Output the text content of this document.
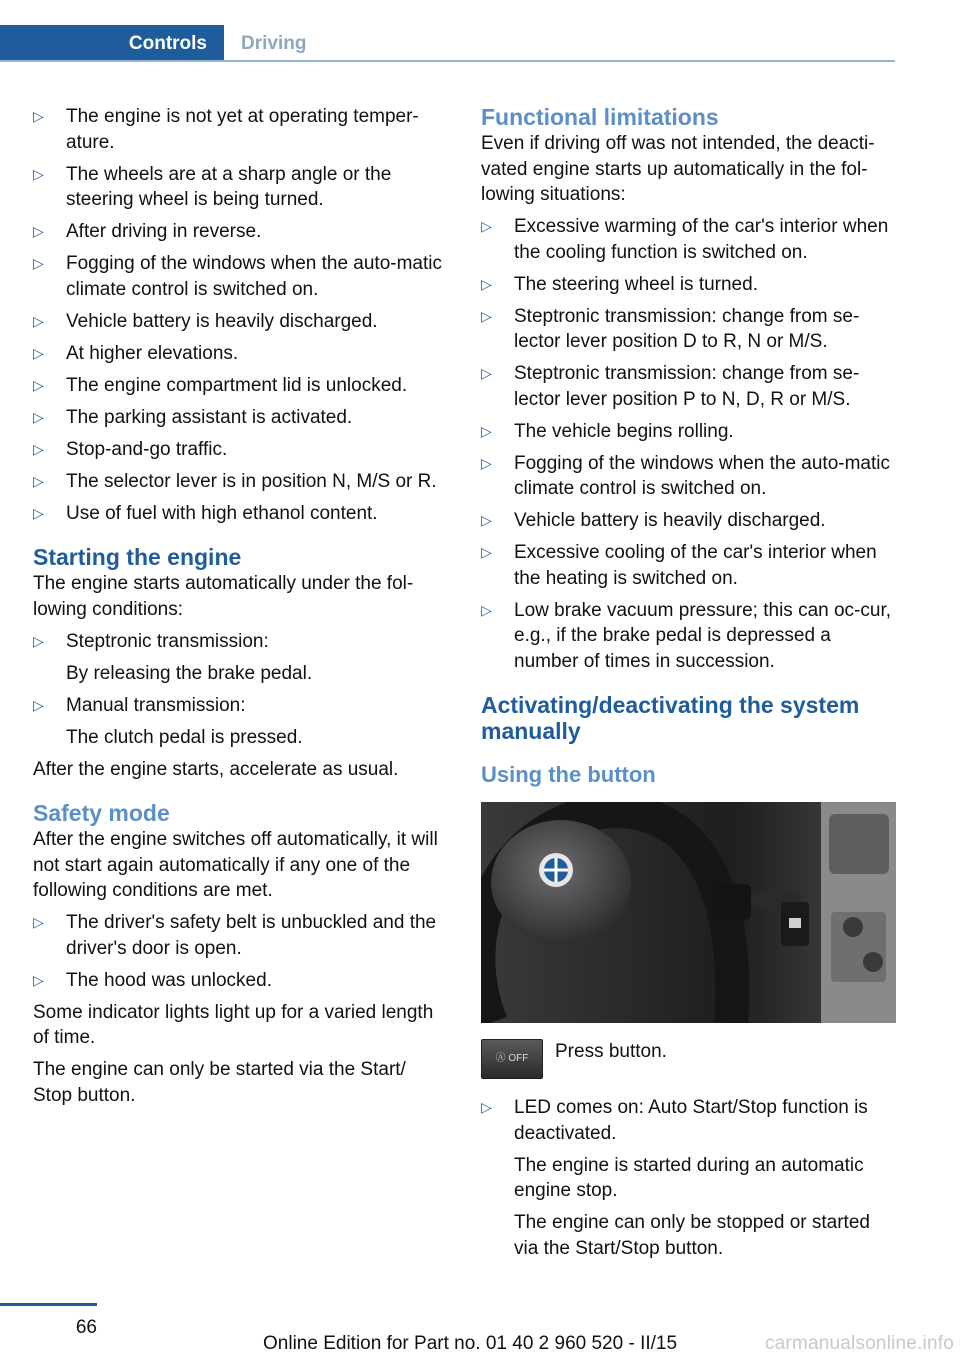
Controls	Driving
▷ The engine is not yet at operating temper‐ature.
▷ The wheels are at a sharp angle or the steering wheel is being turned.
▷ After driving in reverse.
▷ Fogging of the windows when the auto‐matic climate control is switched on.
▷ Vehicle battery is heavily discharged.
▷ At higher elevations.
▷ The engine compartment lid is unlocked.
▷ The parking assistant is activated.
▷ Stop-and-go traffic.
▷ The selector lever is in position N, M/S or R.
▷ Use of fuel with high ethanol content.
Starting the engine

The engine starts automatically under the fol‐lowing conditions:

▷ Steptronic transmission:
By releasing the brake pedal.
▷ Manual transmission:
The clutch pedal is pressed.

After the engine starts, accelerate as usual.

Safety mode

After the engine switches off automatically, it will not start again automatically if any one of the following conditions are met.

▷ The driver's safety belt is unbuckled and the driver's door is open.
▷ The hood was unlocked.

Some indicator lights light up for a varied length of time.

The engine can only be started via the Start/ Stop button.

Functional limitations

Even if driving off was not intended, the deacti‐vated engine starts up automatically in the fol‐lowing situations:

▷ Excessive warming of the car's interior when the cooling function is switched on.
▷ The steering wheel is turned.
▷ Steptronic transmission: change from se‐lector lever position D to R, N or M/S.
▷ Steptronic transmission: change from se‐lector lever position P to N, D, R or M/S.
▷ The vehicle begins rolling.
▷ Fogging of the windows when the auto‐matic climate control is switched on.
▷ Vehicle battery is heavily discharged.
▷ Excessive cooling of the car's interior when the heating is switched on.
▷ Low brake vacuum pressure; this can oc‐cur, e.g., if the brake pedal is depressed a number of times in succession.
Activating/deactivating the system manually
Using the button
Ⓐ OFF	Press button.
▷ LED comes on: Auto Start/Stop function is deactivated.
The engine is started during an automatic engine stop.
The engine can only be stopped or started via the Start/Stop button.
66
Online Edition for Part no. 01 40 2 960 520 - II/15	carmanualsonline.info
